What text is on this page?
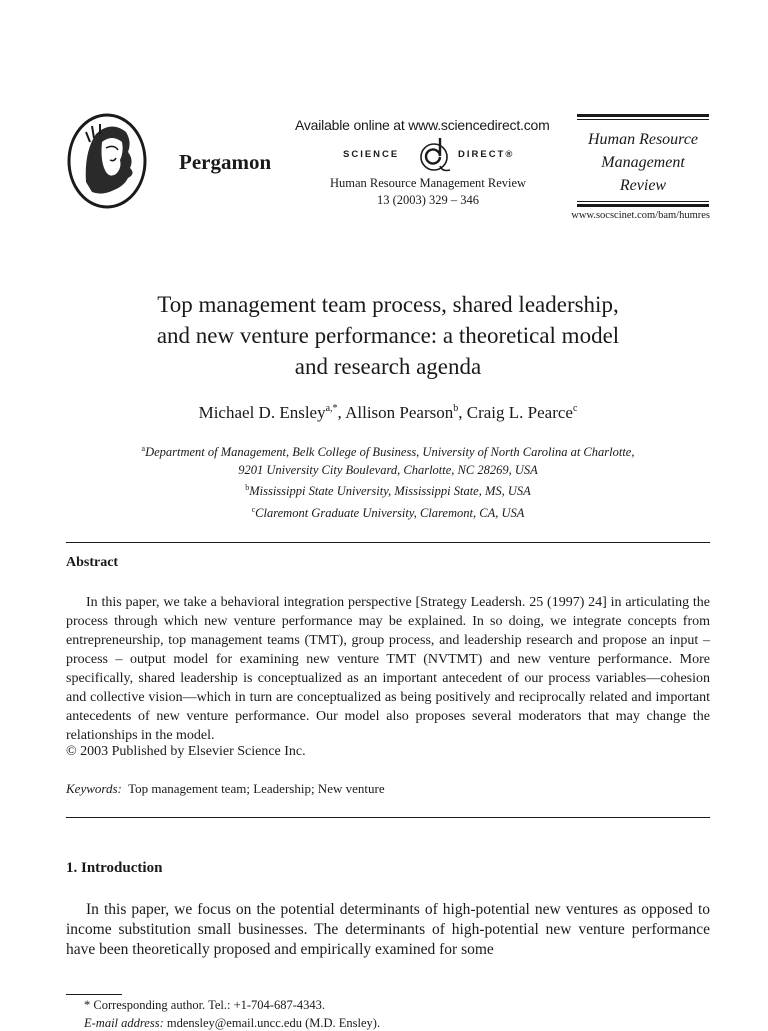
Pergamon
Available online at www.sciencedirect.com
SCIENCE	DIRECT®
Human Resource Management Review
13 (2003) 329 – 346
Human Resource
Management
Review
www.socscinet.com/bam/humres
Top management team process, shared leadership,
and new venture performance: a theoretical model
and research agenda
Michael D. Ensley$^{a,*}$, Allison Pearson$^b$, Craig L. Pearce$^c$
$^a$Department of Management, Belk College of Business, University of North Carolina at Charlotte,
9201 University City Boulevard, Charlotte, NC 28269, USA
$^b$Mississippi State University, Mississippi State, MS, USA
$^c$Claremont Graduate University, Claremont, CA, USA
Abstract

In this paper, we take a behavioral integration perspective [Strategy Leadersh. 25 (1997) 24] in articulating the process through which new venture performance may be explained. In so doing, we integrate concepts from entrepreneurship, top management teams (TMT), group process, and leadership research and propose an input – process – output model for examining new venture TMT (NVTMT) and new venture performance. More specifically, shared leadership is conceptualized as an important antecedent of our process variables—cohesion and collective vision—which in turn are conceptualized as being positively and reciprocally related and important antecedents of new venture performance. Our model also proposes several moderators that may change the relationships in the model.

© 2003 Published by Elsevier Science Inc.
Keywords: Top management team; Leadership; New venture
1. Introduction

In this paper, we focus on the potential determinants of high-potential new ventures as opposed to income substitution small businesses. The determinants of high-potential new venture performance have been theoretically proposed and empirically examined for some

* Corresponding author. Tel.: +1-704-687-4343.
E-mail address: mdensley@email.uncc.edu (M.D. Ensley).
